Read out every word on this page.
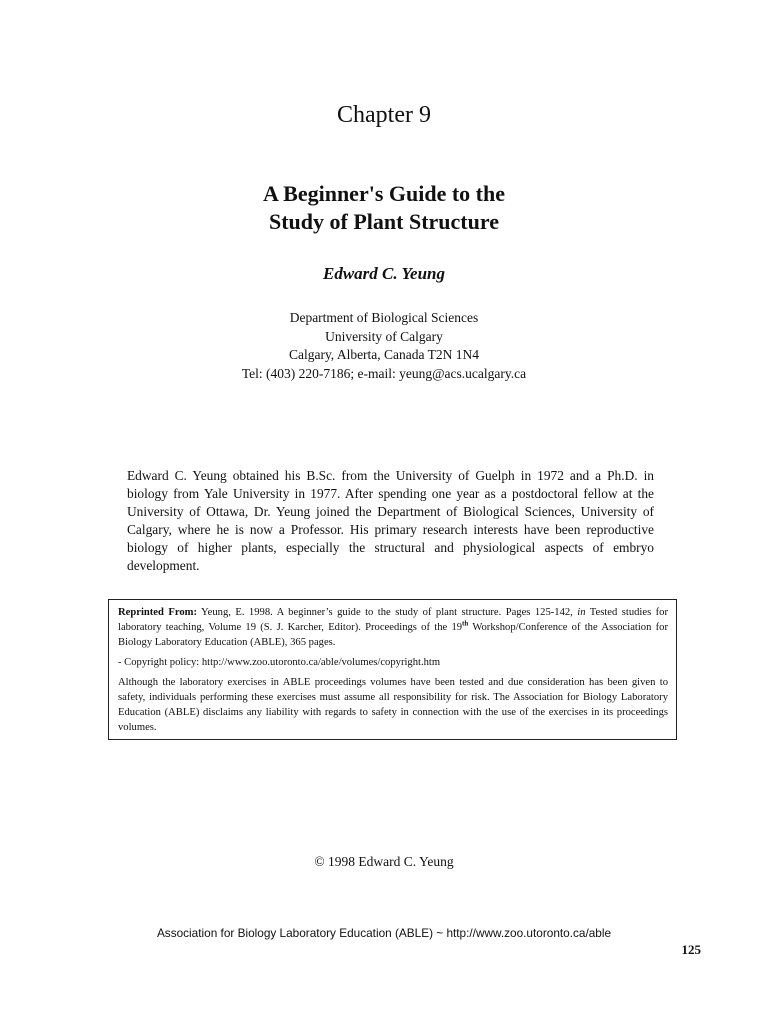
Chapter 9
A Beginner's Guide to the
Study of Plant Structure
Edward C. Yeung
Department of Biological Sciences
University of Calgary
Calgary, Alberta, Canada T2N 1N4
Tel: (403) 220-7186; e-mail: yeung@acs.ucalgary.ca
Edward C. Yeung obtained his B.Sc. from the University of Guelph in 1972 and a Ph.D. in biology from Yale University in 1977. After spending one year as a postdoctoral fellow at the University of Ottawa, Dr. Yeung joined the Department of Biological Sciences, University of Calgary, where he is now a Professor. His primary research interests have been reproductive biology of higher plants, especially the structural and physiological aspects of embryo development.

Reprinted From: Yeung, E. 1998. A beginner’s guide to the study of plant structure. Pages 125-142, in Tested studies for laboratory teaching, Volume 19 (S. J. Karcher, Editor). Proceedings of the 19th Workshop/Conference of the Association for Biology Laboratory Education (ABLE), 365 pages.

- Copyright policy: http://www.zoo.utoronto.ca/able/volumes/copyright.htm

Although the laboratory exercises in ABLE proceedings volumes have been tested and due consideration has been given to safety, individuals performing these exercises must assume all responsibility for risk. The Association for Biology Laboratory Education (ABLE) disclaims any liability with regards to safety in connection with the use of the exercises in its proceedings volumes.

© 1998 Edward C. Yeung
Association for Biology Laboratory Education (ABLE) ~ http://www.zoo.utoronto.ca/able
125
